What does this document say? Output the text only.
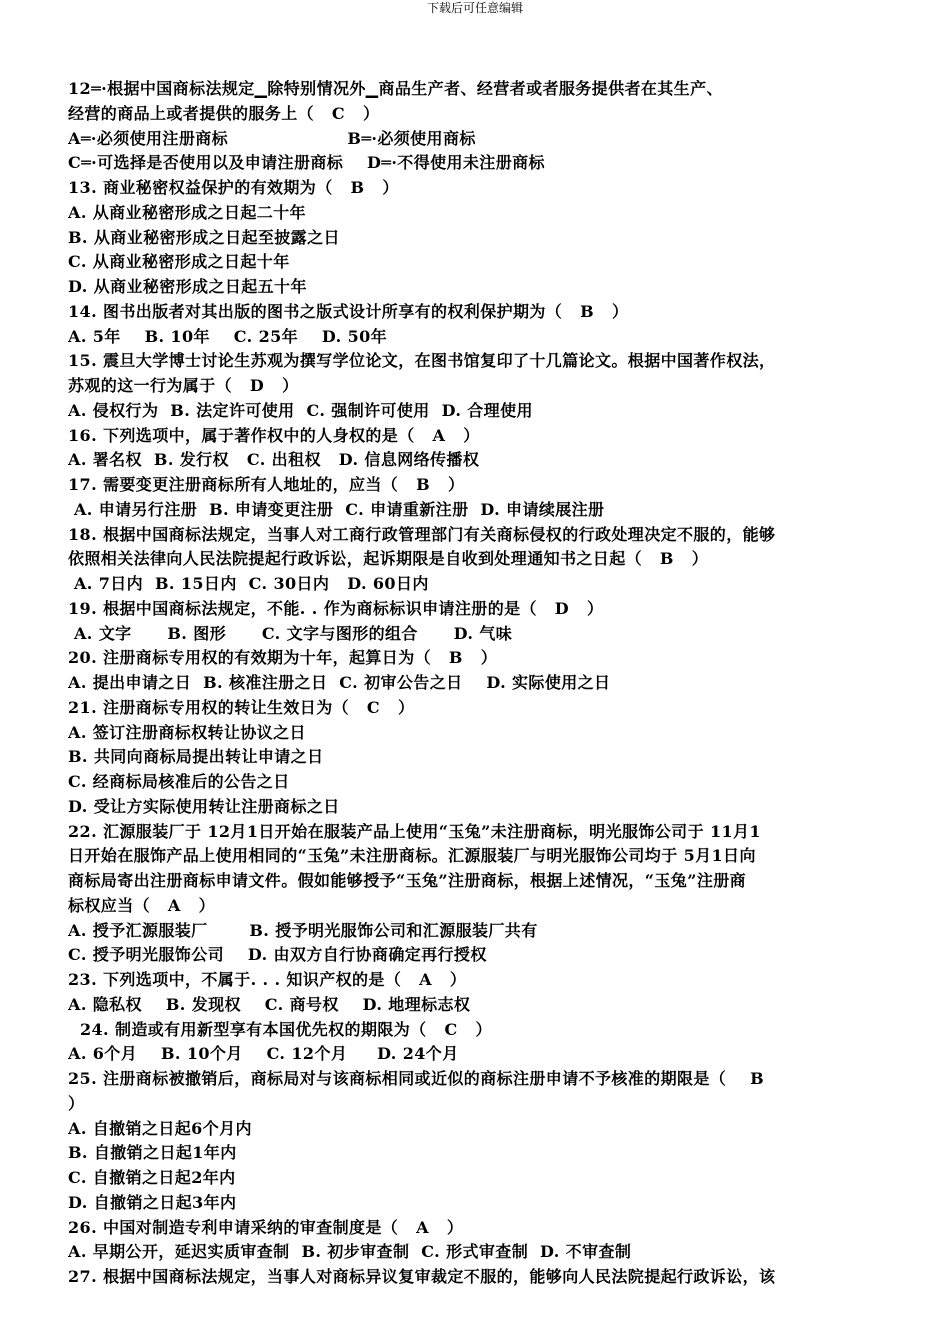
下载后可任意编辑
12═·根据中国商标法规定▁除特别情况外▁商品生产者、经营者或者服务提供者在其生产、
经营的商品上或者提供的服务上（   C   ）
A═·必须使用注册商标                    B═·必须使用商标
C═·可选择是否使用以及申请注册商标    D═·不得使用未注册商标
13. 商业秘密权益保护的有效期为（   B   ）
A. 从商业秘密形成之日起二十年
B. 从商业秘密形成之日起至披露之日
C. 从商业秘密形成之日起十年
D. 从商业秘密形成之日起五十年
14. 图书出版者对其出版的图书之版式设计所享有的权利保护期为（   B   ）
A. 5年    B. 10年    C. 25年    D. 50年
15. 震旦大学博士讨论生苏观为撰写学位论文，在图书馆复印了十几篇论文。根据中国著作权法，
苏观的这一行为属于（   D   ）
A. 侵权行为  B. 法定许可使用  C. 强制许可使用  D. 合理使用
16. 下列选项中，属于著作权中的人身权的是（   A   ）
A. 署名权  B. 发行权   C. 出租权   D. 信息网络传播权
17. 需要变更注册商标所有人地址的，应当（   B   ）
A. 申请另行注册  B. 申请变更注册  C. 申请重新注册  D. 申请续展注册
18. 根据中国商标法规定，当事人对工商行政管理部门有关商标侵权的行政处理决定不服的，能够
依照相关法律向人民法院提起行政诉讼，起诉期限是自收到处理通知书之日起（   B   ）
A. 7日内  B. 15日内  C. 30日内   D. 60日内
19. 根据中国商标法规定，不能. . 作为商标标识申请注册的是（   D   ）
A. 文字      B. 图形      C. 文字与图形的组合      D. 气味
20. 注册商标专用权的有效期为十年，起算日为（   B   ）
A. 提出申请之日  B. 核准注册之日  C. 初审公告之日    D. 实际使用之日
21. 注册商标专用权的转让生效日为（   C   ）
A. 签订注册商标权转让协议之日
B. 共同向商标局提出转让申请之日
C. 经商标局核准后的公告之日
D. 受让方实际使用转让注册商标之日
22. 汇源服装厂于 12月1日开始在服装产品上使用“玉兔”未注册商标，明光服饰公司于 11月1
日开始在服饰产品上使用相同的“玉兔”未注册商标。汇源服装厂与明光服饰公司均于 5月1日向
商标局寄出注册商标申请文件。假如能够授予“玉兔”注册商标，根据上述情况，“玉兔”注册商
标权应当（   A   ）
A. 授予汇源服装厂       B. 授予明光服饰公司和汇源服装厂共有
C. 授予明光服饰公司    D. 由双方自行协商确定再行授权
23. 下列选项中，不属于. . . 知识产权的是（   A   ）
A. 隐私权    B. 发现权    C. 商号权    D. 地理标志权
24. 制造或有用新型享有本国优先权的期限为（   C   ）
A. 6个月    B. 10个月    C. 12个月     D. 24个月
25. 注册商标被撤销后，商标局对与该商标相同或近似的商标注册申请不予核准的期限是（    B
）
A. 自撤销之日起6个月内
B. 自撤销之日起1年内
C. 自撤销之日起2年内
D. 自撤销之日起3年内
26. 中国对制造专利申请采纳的审查制度是（   A   ）
A. 早期公开，延迟实质审查制  B. 初步审查制  C. 形式审查制  D. 不审查制
27. 根据中国商标法规定，当事人对商标异议复审裁定不服的，能够向人民法院提起行政诉讼，该
